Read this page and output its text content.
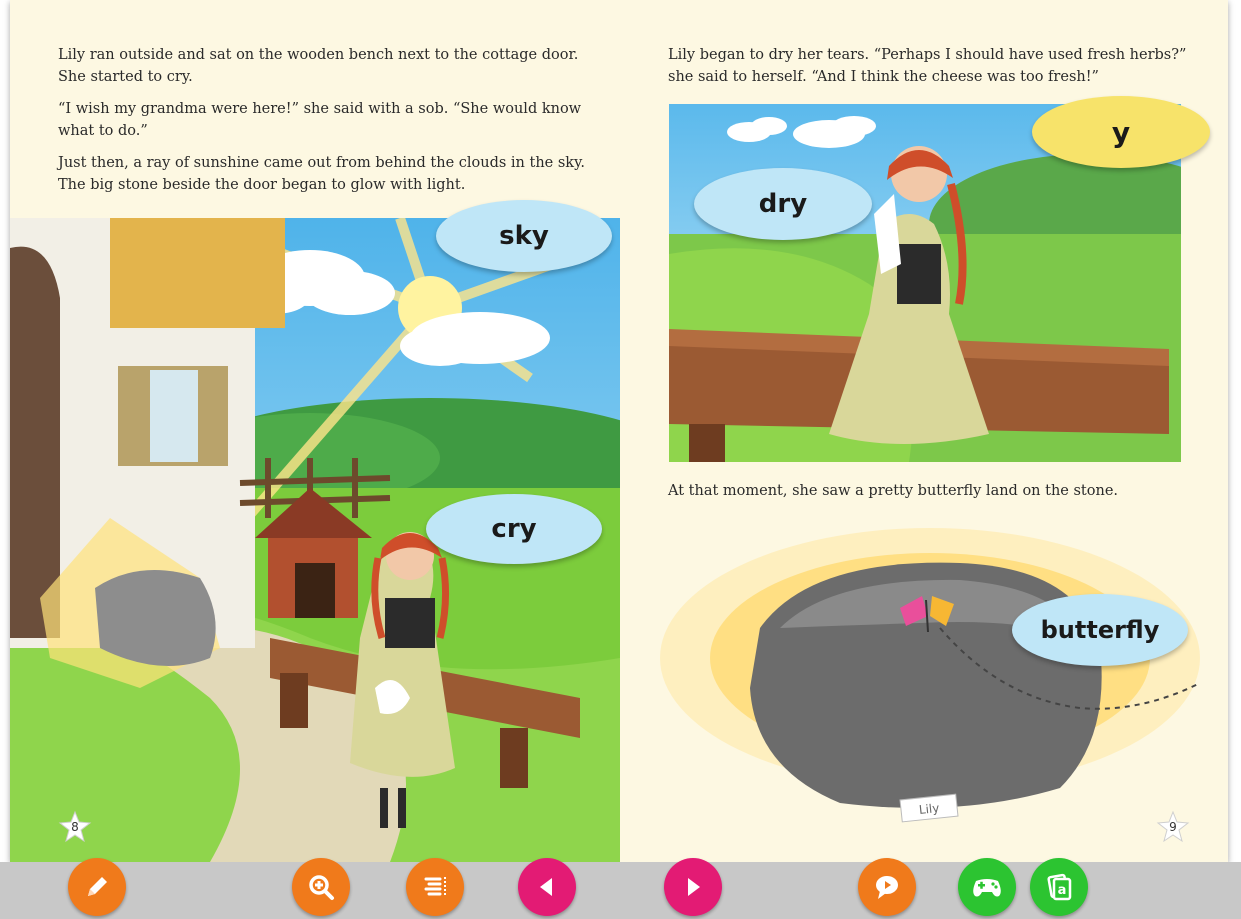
Lily ran outside and sat on the wooden bench next to the cottage door. She started to cry.

“I wish my grandma were here!” she said with a sob. “She would know what to do.”

Just then, a ray of sunshine came out from behind the clouds in the sky. The big stone beside the door began to glow with light.

sky
cry
8

Lily began to dry her tears. “Perhaps I should have used fresh herbs?” she said to herself. “And I think the cheese was too fresh!”

dry
y
At that moment, she saw a pretty butterfly land on the stone.
Lily
butterfly
9
a
